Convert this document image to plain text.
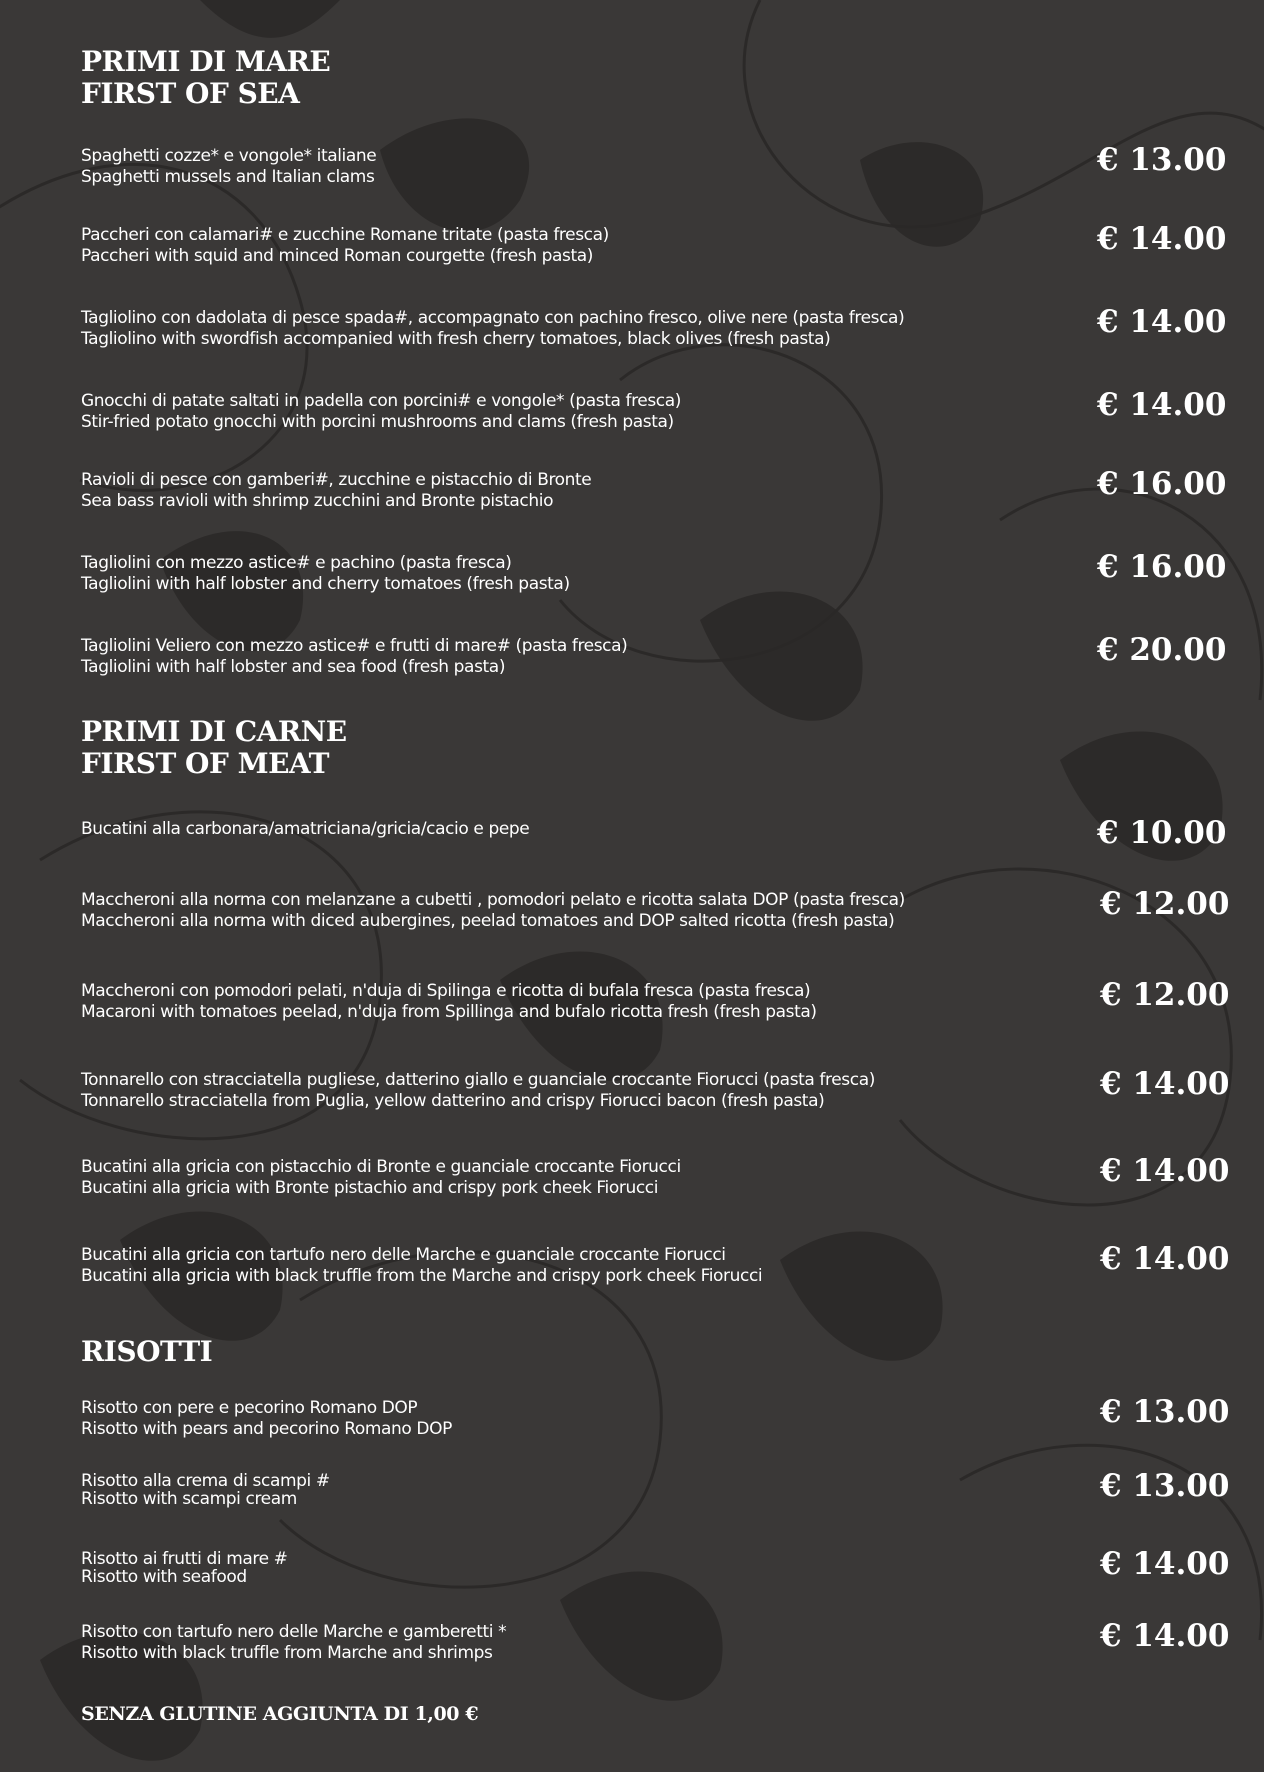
PRIMI DI MARE
FIRST OF SEA
Spaghetti cozze* e vongole* italiane
Spaghetti mussels and Italian clams	€ 13.00
Paccheri con calamari# e zucchine Romane tritate (pasta fresca)
Paccheri with squid and minced Roman courgette (fresh pasta)	€ 14.00
Tagliolino con dadolata di pesce spada#, accompagnato con pachino fresco, olive nere (pasta fresca)
Tagliolino with swordfish accompanied with fresh cherry tomatoes, black olives (fresh pasta)	€ 14.00
Gnocchi di patate saltati in padella con porcini# e vongole* (pasta fresca)
Stir-fried potato gnocchi with porcini mushrooms and clams (fresh pasta)	€ 14.00
Ravioli di pesce con gamberi#, zucchine e pistacchio di Bronte
Sea bass ravioli with shrimp zucchini and Bronte pistachio	€ 16.00
Tagliolini con mezzo astice# e pachino (pasta fresca)
Tagliolini with half lobster and cherry tomatoes (fresh pasta)	€ 16.00
Tagliolini Veliero con mezzo astice# e frutti di mare# (pasta fresca)
Tagliolini with half lobster and sea food (fresh pasta)	€ 20.00
PRIMI DI CARNE
FIRST OF MEAT
Bucatini alla carbonara/amatriciana/gricia/cacio e pepe	€ 10.00
Maccheroni alla norma con melanzane a cubetti , pomodori pelato e ricotta salata DOP (pasta fresca)
Maccheroni alla norma with diced aubergines, peelad tomatoes and DOP salted ricotta (fresh pasta)	€ 12.00
Maccheroni con pomodori pelati, n'duja di Spilinga e ricotta di bufala fresca (pasta fresca)
Macaroni with tomatoes peelad, n'duja from Spillinga and bufalo ricotta fresh (fresh pasta)	€ 12.00
Tonnarello con stracciatella pugliese, datterino giallo e guanciale croccante Fiorucci (pasta fresca)
Tonnarello stracciatella from Puglia, yellow datterino and crispy Fiorucci bacon (fresh pasta)	€ 14.00
Bucatini alla gricia con pistacchio di Bronte e guanciale croccante Fiorucci
Bucatini alla gricia with Bronte pistachio and crispy pork cheek Fiorucci	€ 14.00
Bucatini alla gricia con tartufo nero delle Marche e guanciale croccante Fiorucci
Bucatini alla gricia with black truffle from the Marche and crispy pork cheek Fiorucci	€ 14.00
RISOTTI
Risotto con pere e pecorino Romano DOP
Risotto with pears and pecorino Romano DOP	€ 13.00
Risotto alla crema di scampi #
Risotto with scampi cream	€ 13.00
Risotto ai frutti di mare #
Risotto with seafood	€ 14.00
Risotto con tartufo nero delle Marche e gamberetti *
Risotto with black truffle from Marche and shrimps	€ 14.00
SENZA GLUTINE AGGIUNTA DI 1,00 €
